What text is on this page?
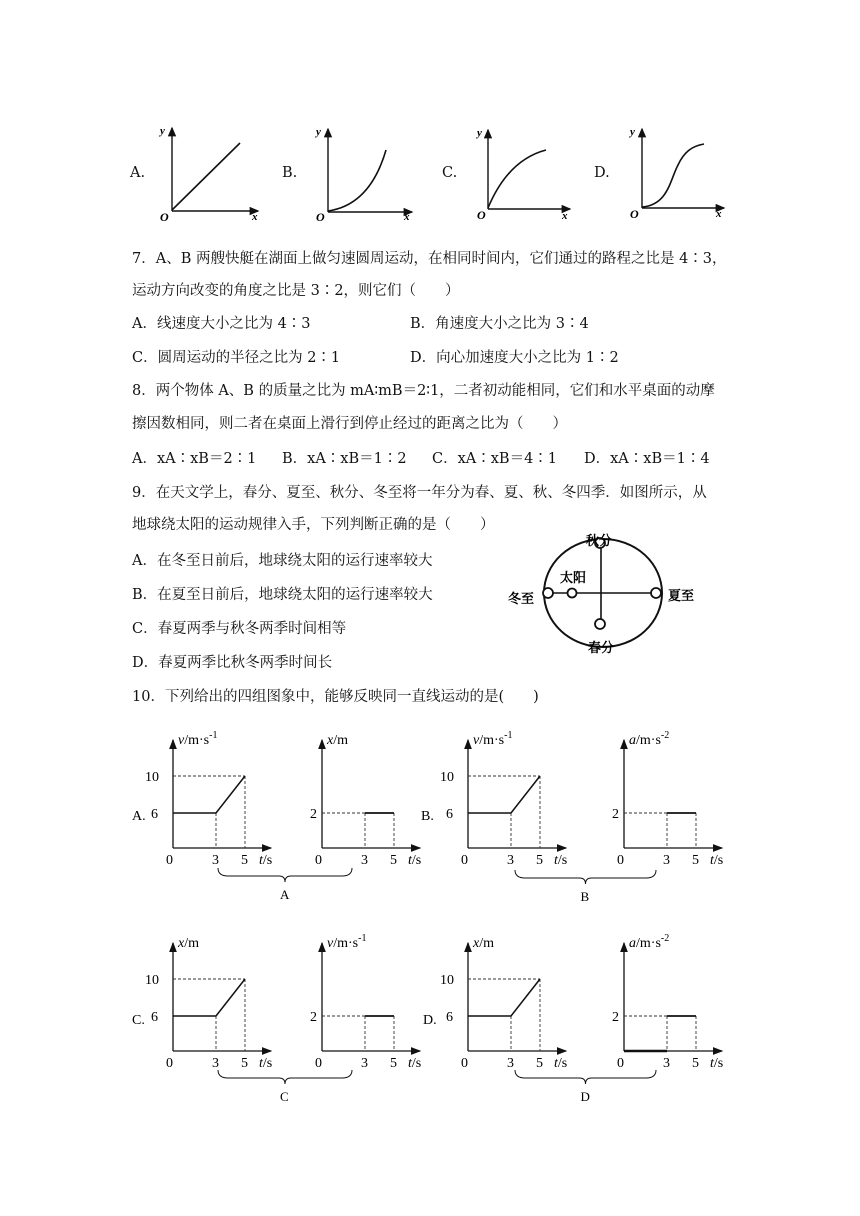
A.	B.	C.	D.
y
x
O
y
x
O
y
x
O
y
x
O
7．A、B 两艘快艇在湖面上做匀速圆周运动，在相同时间内，它们通过的路程之比是 4∶3，
运动方向改变的角度之比是 3∶2，则它们（　　）
A．线速度大小之比为 4∶3	B．角速度大小之比为 3∶4
C．圆周运动的半径之比为 2∶1	D．向心加速度大小之比为 1∶2
8．两个物体 A、B 的质量之比为 mA∶mB＝2∶1，二者初动能相同，它们和水平桌面的动摩
擦因数相同，则二者在桌面上滑行到停止经过的距离之比为（　　）
A．xA∶xB＝2∶1 B．xA∶xB＝1∶2 C．xA∶xB＝4∶1 D．xA∶xB＝1∶4
9．在天文学上，春分、夏至、秋分、冬至将一年分为春、夏、秋、冬四季．如图所示，从
地球绕太阳的运动规律入手，下列判断正确的是（　　）
A．在冬至日前后，地球绕太阳的运行速率较大
B．在夏至日前后，地球绕太阳的运行速率较大
C．春夏两季与秋冬两季时间相等
D．春夏两季比秋冬两季时间长
秋分
春分
冬至	夏至
太阳
10．下列给出的四组图象中，能够反映同一直线运动的是(　　)
A.
$v/m\cdot s^{-1}$
10
6
0	3 5 t/s
x/m
2
0	3 5 t/s
A
B.
$v/m\cdot s^{-1}$
10
6
0	3 5 t/s
$a/m\cdot s^{-2}$
2
0	3 5 t/s
B
C.
x/m
10
6
0	3 5 t/s
$v/m\cdot s^{-1}$
2
0	3 5 t/s
C
D.
x/m
10
6
0	3 5 t/s
$a/m\cdot s^{-2}$
2
0	3 5 t/s
D
